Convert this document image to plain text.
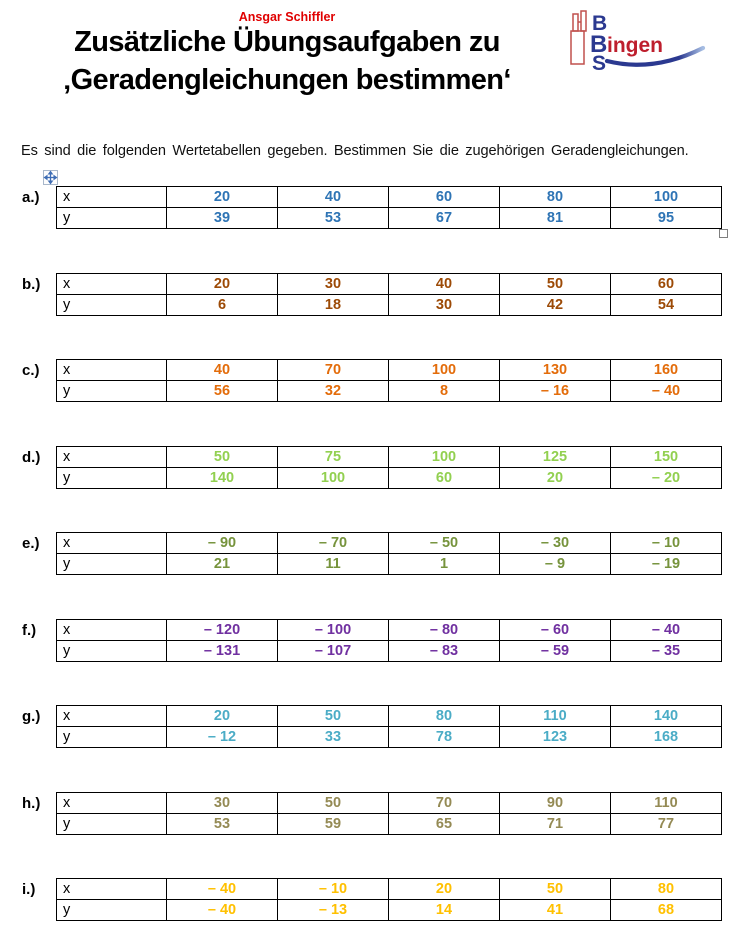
Ansgar Schiffler
Zusätzliche Übungsaufgaben zu
‚Geradengleichungen bestimmen‘
B
B ingen
S

Es sind die folgenden Wertetabellen gegeben. Bestimmen Sie die zugehörigen Geradengleichungen.

a.) x	20	40	60	80	100
y	39	53	67	81	95
b.) x	20	30	40	50	60
y	6	18	30	42	54
c.) x	40	70	100	130	160
y	56	32	8	– 16	– 40
d.) x	50	75	100	125	150
y	140	100	60	20	– 20
e.) x	– 90	– 70	– 50	– 30	– 10
y	21	11	1	– 9	– 19
f.) x	– 120	– 100	– 80	– 60	– 40
y	– 131	– 107	– 83	– 59	– 35
g.) x	20	50	80	110	140
y	– 12	33	78	123	168
h.) x	30	50	70	90	110
y	53	59	65	71	77
i.) x	– 40	– 10	20	50	80
y	– 40	– 13	14	41	68
